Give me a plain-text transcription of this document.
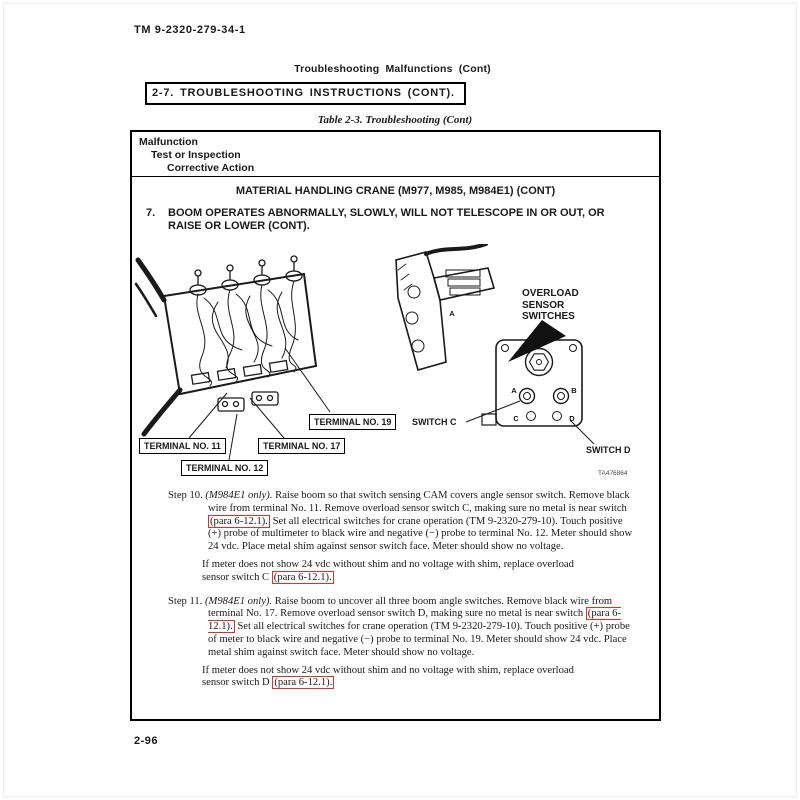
TM 9-2320-279-34-1
Troubleshooting Malfunctions (Cont)
2-7. TROUBLESHOOTING INSTRUCTIONS (CONT).
Table 2-3. Troubleshooting (Cont)
Malfunction
Test or Inspection
Corrective Action
MATERIAL HANDLING CRANE (M977, M985, M984E1) (CONT)
7.	BOOM OPERATES ABNORMALLY, SLOWLY, WILL NOT TELESCOPE IN OR OUT, OR RAISE OR LOWER (CONT).
A
A	B
C	D
OVERLOAD
SENSOR
SWITCHES
TERMINAL NO. 19	SWITCH C
TERMINAL NO. 11	TERMINAL NO. 17
TERMINAL NO. 12
SWITCH D
TA476864
Step 10. (M984E1 only). Raise boom so that switch sensing CAM covers angle sensor switch. Remove black wire from terminal No. 11. Remove overload sensor switch C, making sure no metal is near switch (para 6-12.1). Set all electrical switches for crane operation (TM 9-2320-279-10). Touch positive (+) probe of multimeter to black wire and negative (−) probe to terminal No. 12. Meter should show 24 vdc. Place metal shim against sensor switch face. Meter should show no voltage.
If meter does not show 24 vdc without shim and no voltage with shim, replace overload sensor switch C (para 6-12.1).
Step 11. (M984E1 only). Raise boom to uncover all three boom angle switches. Remove black wire from terminal No. 17. Remove overload sensor switch D, making sure no metal is near switch (para 6-12.1). Set all electrical switches for crane operation (TM 9-2320-279-10). Touch positive (+) probe of meter to black wire and negative (−) probe to terminal No. 19. Meter should show 24 vdc. Place metal shim against switch face. Meter should show no voltage.
If meter does not show 24 vdc without shim and no voltage with shim, replace overload sensor switch D (para 6-12.1).
2-96
